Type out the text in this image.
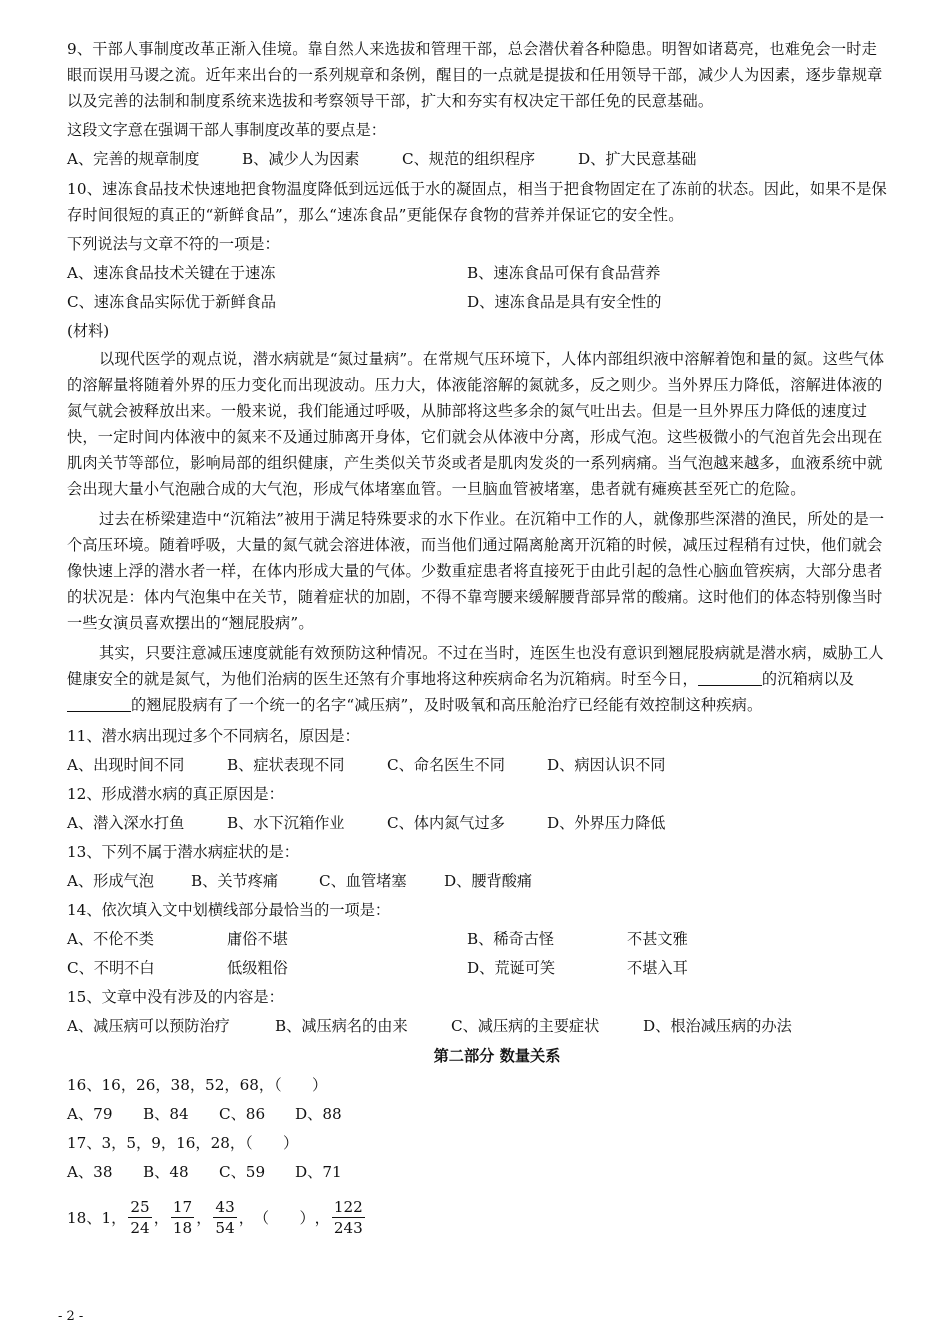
9、干部人事制度改革正渐入佳境。靠自然人来选拔和管理干部，总会潜伏着各种隐患。明智如诸葛亮，也难免会一时走眼而误用马谡之流。近年来出台的一系列规章和条例，醒目的一点就是提拔和任用领导干部，减少人为因素，逐步靠规章以及完善的法制和制度系统来选拔和考察领导干部，扩大和夯实有权决定干部任免的民意基础。

这段文字意在强调干部人事制度改革的要点是：

A、完善的规章制度	B、减少人为因素	C、规范的组织程序	D、扩大民意基础

10、速冻食品技术快速地把食物温度降低到远远低于水的凝固点，相当于把食物固定在了冻前的状态。因此，如果不是保存时间很短的真正的“新鲜食品”，那么“速冻食品”更能保存食物的营养并保证它的安全性。

下列说法与文章不符的一项是：

A、速冻食品技术关键在于速冻	B、速冻食品可保有食品营养
C、速冻食品实际优于新鲜食品	D、速冻食品是具有安全性的

(材料)

以现代医学的观点说，潜水病就是“氮过量病”。在常规气压环境下，人体内部组织液中溶解着饱和量的氮。这些气体的溶解量将随着外界的压力变化而出现波动。压力大，体液能溶解的氮就多，反之则少。当外界压力降低，溶解进体液的氮气就会被释放出来。一般来说，我们能通过呼吸，从肺部将这些多余的氮气吐出去。但是一旦外界压力降低的速度过快，一定时间内体液中的氮来不及通过肺离开身体，它们就会从体液中分离，形成气泡。这些极微小的气泡首先会出现在肌肉关节等部位，影响局部的组织健康，产生类似关节炎或者是肌肉发炎的一系列病痛。当气泡越来越多，血液系统中就会出现大量小气泡融合成的大气泡，形成气体堵塞血管。一旦脑血管被堵塞，患者就有瘫痪甚至死亡的危险。

过去在桥梁建造中“沉箱法”被用于满足特殊要求的水下作业。在沉箱中工作的人，就像那些深潜的渔民，所处的是一个高压环境。随着呼吸，大量的氮气就会溶进体液，而当他们通过隔离舱离开沉箱的时候，减压过程稍有过快，他们就会像快速上浮的潜水者一样，在体内形成大量的气体。少数重症患者将直接死于由此引起的急性心脑血管疾病，大部分患者的状况是：体内气泡集中在关节，随着症状的加剧，不得不靠弯腰来缓解腰背部异常的酸痛。这时他们的体态特别像当时一些女演员喜欢摆出的“翘屁股病”。

其实，只要注意减压速度就能有效预防这种情况。不过在当时，连医生也没有意识到翘屁股病就是潜水病，威胁工人健康安全的就是氮气，为他们治病的医生还煞有介事地将这种疾病命名为沉箱病。时至今日，	的沉箱病以及的翘屁股病有了一个统一的名字“减压病”，及时吸氧和高压舱治疗已经能有效控制这种疾病。

11、潜水病出现过多个不同病名，原因是：

A、出现时间不同	B、症状表现不同	C、命名医生不同	D、病因认识不同

12、形成潜水病的真正原因是：

A、潜入深水打鱼	B、水下沉箱作业	C、体内氮气过多	D、外界压力降低

13、下列不属于潜水病症状的是：

A、形成气泡	B、关节疼痛	C、血管堵塞	D、腰背酸痛

14、依次填入文中划横线部分最恰当的一项是：

A、不伦不类	庸俗不堪	B、稀奇古怪	不甚文雅
C、不明不白	低级粗俗	D、荒诞可笑	不堪入耳

15、文章中没有涉及的内容是：

A、减压病可以预防治疗	B、减压病名的由来	C、减压病的主要症状	D、根治减压病的办法

第二部分 数量关系

16、16，26，38，52，68，（　　）

A、79	B、84	C、86	D、88

17、3，5，9，16，28，（　　）

A、38	B、48	C、59	D、71
18、1， $\frac{25}{24}$ ， $\frac{17}{18}$ ， $\frac{43}{54}$ ， （　　） ， $\frac{122}{243}$
- 2 -
